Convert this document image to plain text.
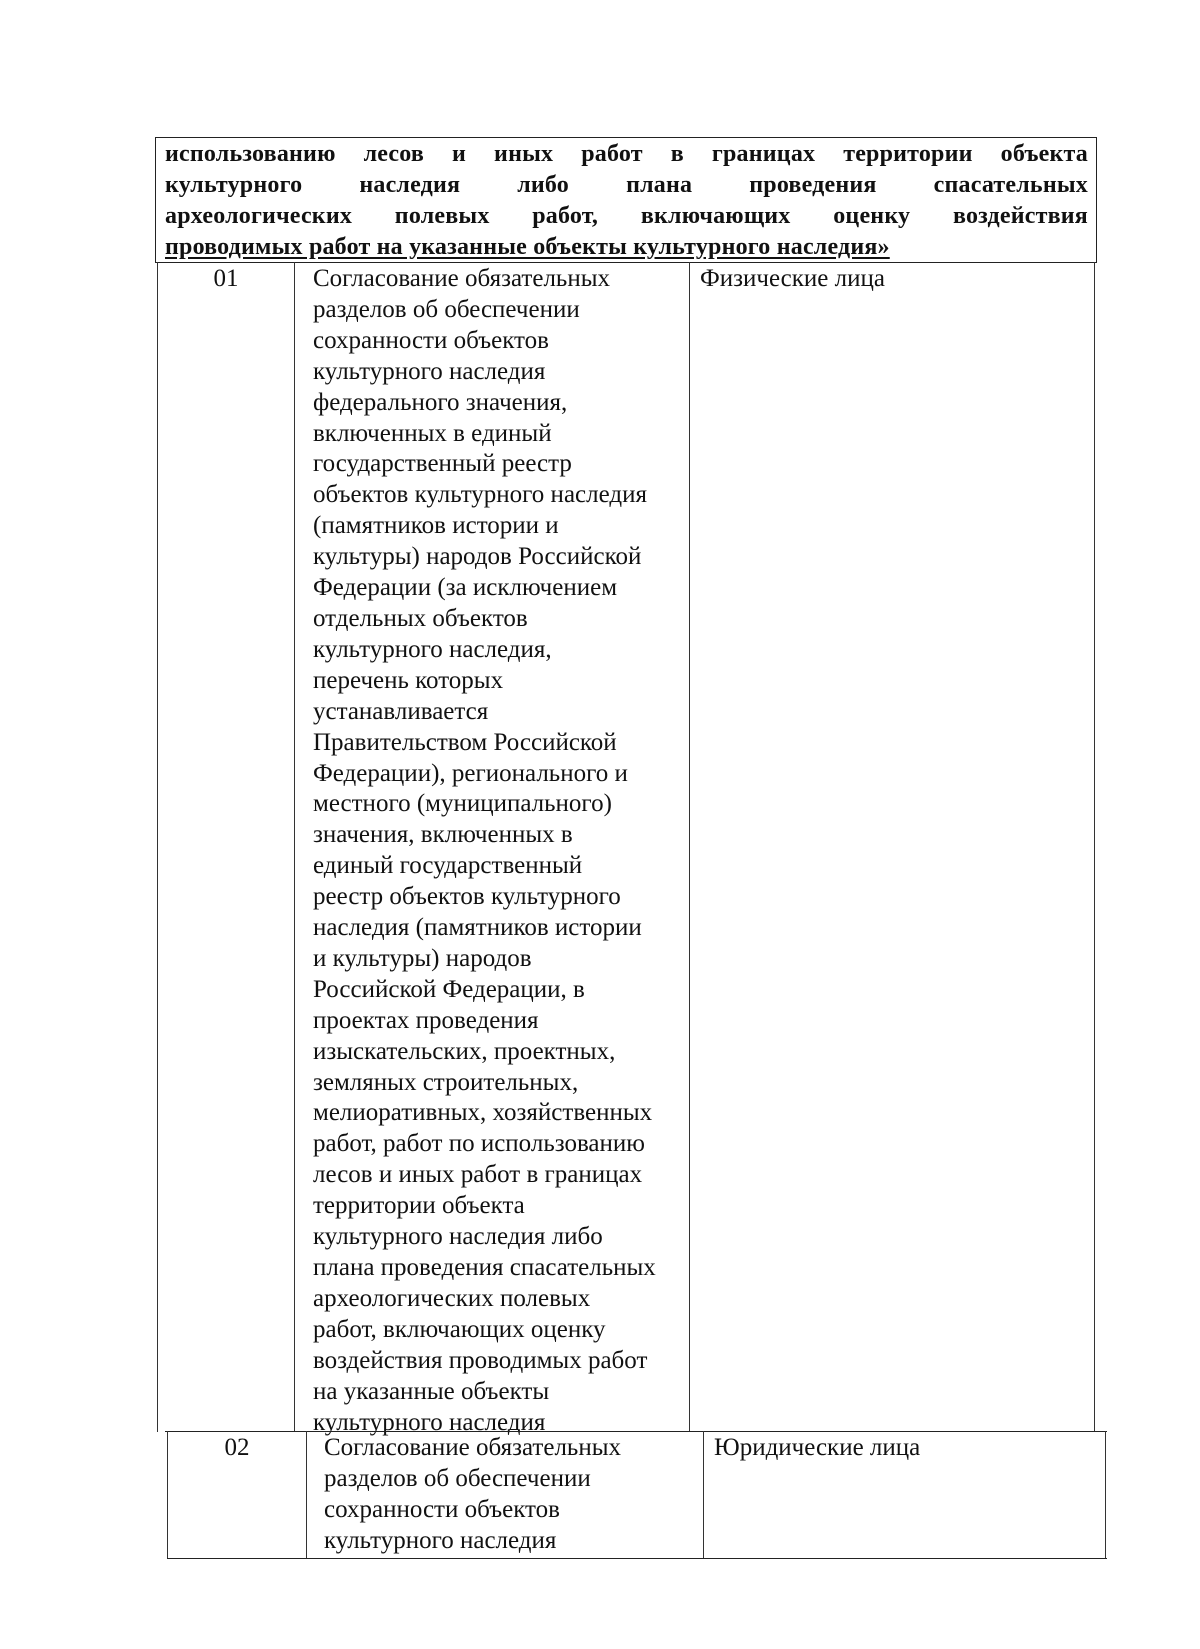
использованию лесов и иных работ в границах территории объекта
культурного наследия либо плана проведения спасательных
археологических полевых работ, включающих оценку воздействия
проводимых работ на указанные объекты культурного наследия»
01	Согласование обязательных
разделов об обеспечении
сохранности объектов
культурного наследия
федерального значения,
включенных в единый
государственный реестр
объектов культурного наследия
(памятников истории и
культуры) народов Российской
Федерации (за исключением
отдельных объектов
культурного наследия,
перечень которых
устанавливается
Правительством Российской
Федерации), регионального и
местного (муниципального)
значения, включенных в
единый государственный
реестр объектов культурного
наследия (памятников истории
и культуры) народов
Российской Федерации, в
проектах проведения
изыскательских, проектных,
земляных строительных,
мелиоративных, хозяйственных
работ, работ по использованию
лесов и иных работ в границах
территории объекта
культурного наследия либо
плана проведения спасательных
археологических полевых
работ, включающих оценку
воздействия проводимых работ
на указанные объекты
культурного наследия
Физические лица
02	Согласование обязательных
разделов об обеспечении
сохранности объектов
культурного наследия
Юридические лица
